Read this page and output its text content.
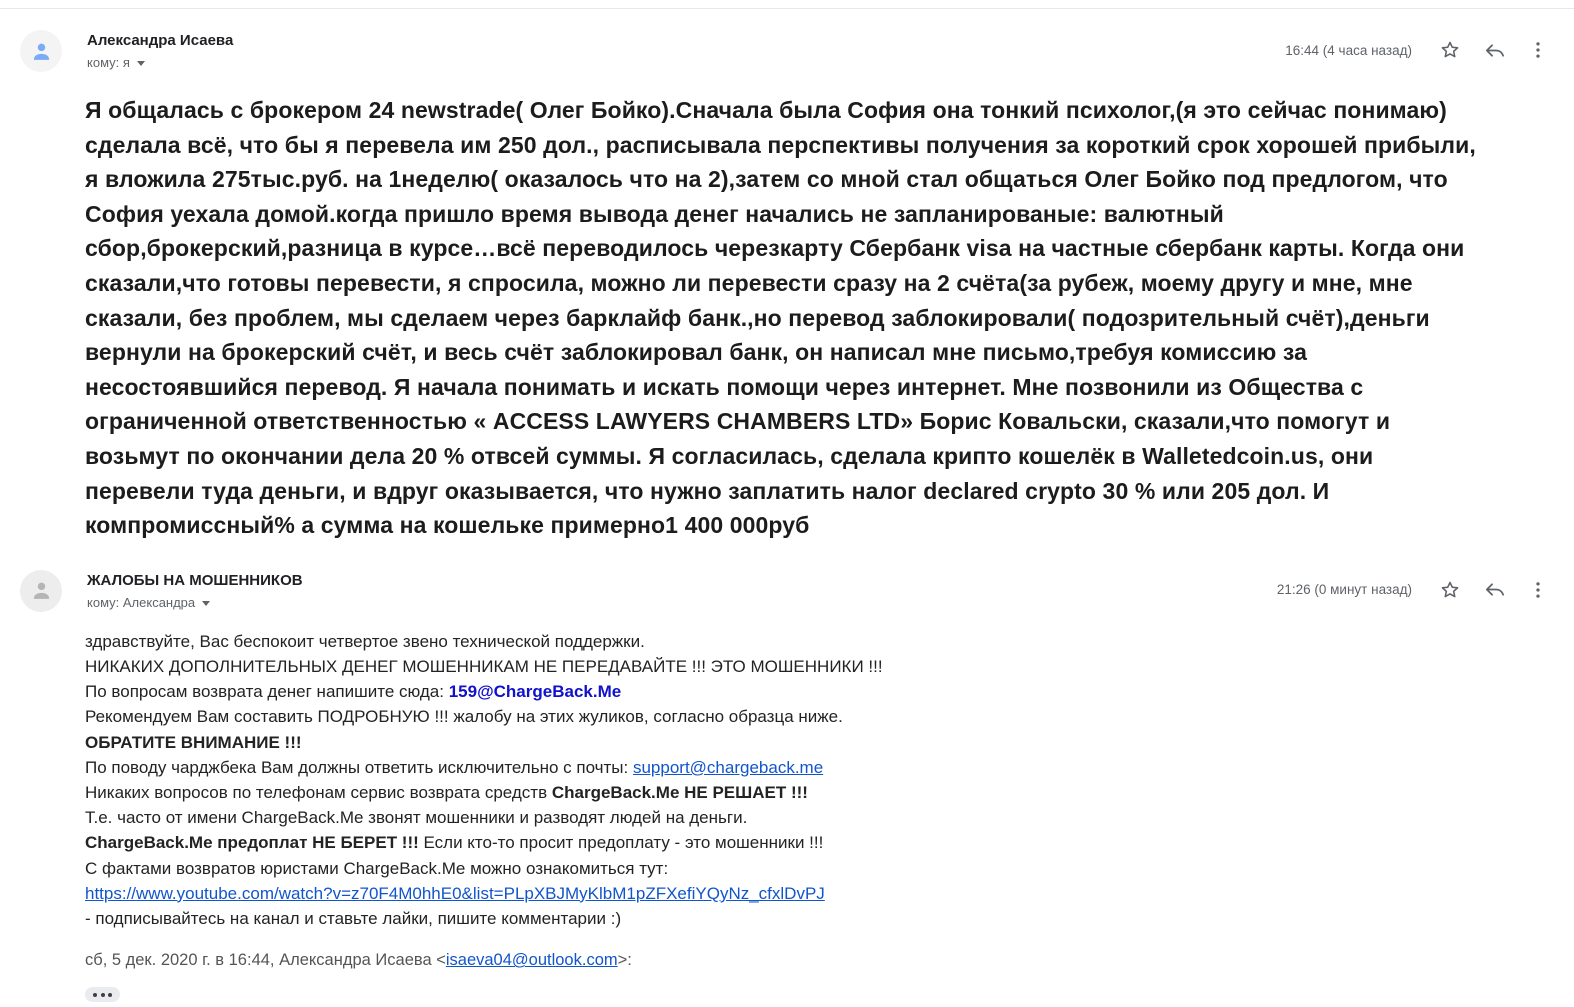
Александра Исаева
кому: я
16:44 (4 часа назад)
Я общалась с брокером 24 newstrade( Олег Бойко).Сначала была София она тонкий психолог,(я это сейчас понимаю)
сделала всё, что бы я перевела им 250 дол., расписывала перспективы получения за короткий срок хорошей прибыли,
я вложила 275тыс.руб. на 1неделю( оказалось что на 2),затем со мной стал общаться Олег Бойко под предлогом, что
София уехала домой.когда пришло время вывода денег начались не запланированые: валютный
сбор,брокерский,разница в курсе…всё переводилось черезкарту Сбербанк visa на частные сбербанк карты. Когда они
сказали,что готовы перевести, я спросила, можно ли перевести сразу на 2 счёта(за рубеж, моему другу и мне, мне
сказали, без проблем, мы сделаем через барклайф банк.,но перевод заблокировали( подозрительный счёт),деньги
вернули на брокерский счёт, и весь счёт заблокировал банк, он написал мне письмо,требуя комиссию за
несостоявшийся перевод. Я начала понимать и искать помощи через интернет. Мне позвонили из Общества с
ограниченной ответственностью « ACCESS LAWYERS CHAMBERS LTD» Борис Ковальски, сказали,что помогут и
возьмут по окончании дела 20 % отвсей суммы. Я согласилась, сделала крипто кошелёк в Walletedcoin.us, они
перевели туда деньги, и вдруг оказывается, что нужно заплатить налог declared crypto 30 % или 205 дол. И
компромиссный% а сумма на кошельке примерно1 400 000руб
ЖАЛОБЫ НА МОШЕННИКОВ
кому: Александра
21:26 (0 минут назад)
здравствуйте, Вас беспокоит четвертое звено технической поддержки.
НИКАКИХ ДОПОЛНИТЕЛЬНЫХ ДЕНЕГ МОШЕННИКАМ НЕ ПЕРЕДАВАЙТЕ !!! ЭТО МОШЕННИКИ !!!
По вопросам возврата денег напишите сюда: 159@ChargeBack.Me
Рекомендуем Вам составить ПОДРОБНУЮ !!! жалобу на этих жуликов, согласно образца ниже.
ОБРАТИТЕ ВНИМАНИЕ !!!
По поводу чарджбека Вам должны ответить исключительно с почты: support@chargeback.me
Никаких вопросов по телефонам сервис возврата средств ChargeBack.Me НЕ РЕШАЕТ !!!
Т.е. часто от имени ChargeBack.Me звонят мошенники и разводят людей на деньги.
ChargeBack.Me предоплат НЕ БЕРЕТ !!! Если кто-то просит предоплату - это мошенники !!!
С фактами возвратов юристами ChargeBack.Me можно ознакомиться тут:
https://www.youtube.com/watch?v=z70F4M0hhE0&list=PLpXBJMyKlbM1pZFXefiYQyNz_cfxlDvPJ
- подписывайтесь на канал и ставьте лайки, пишите комментарии :)
сб, 5 дек. 2020 г. в 16:44, Александра Исаева <isaeva04@outlook.com>:
